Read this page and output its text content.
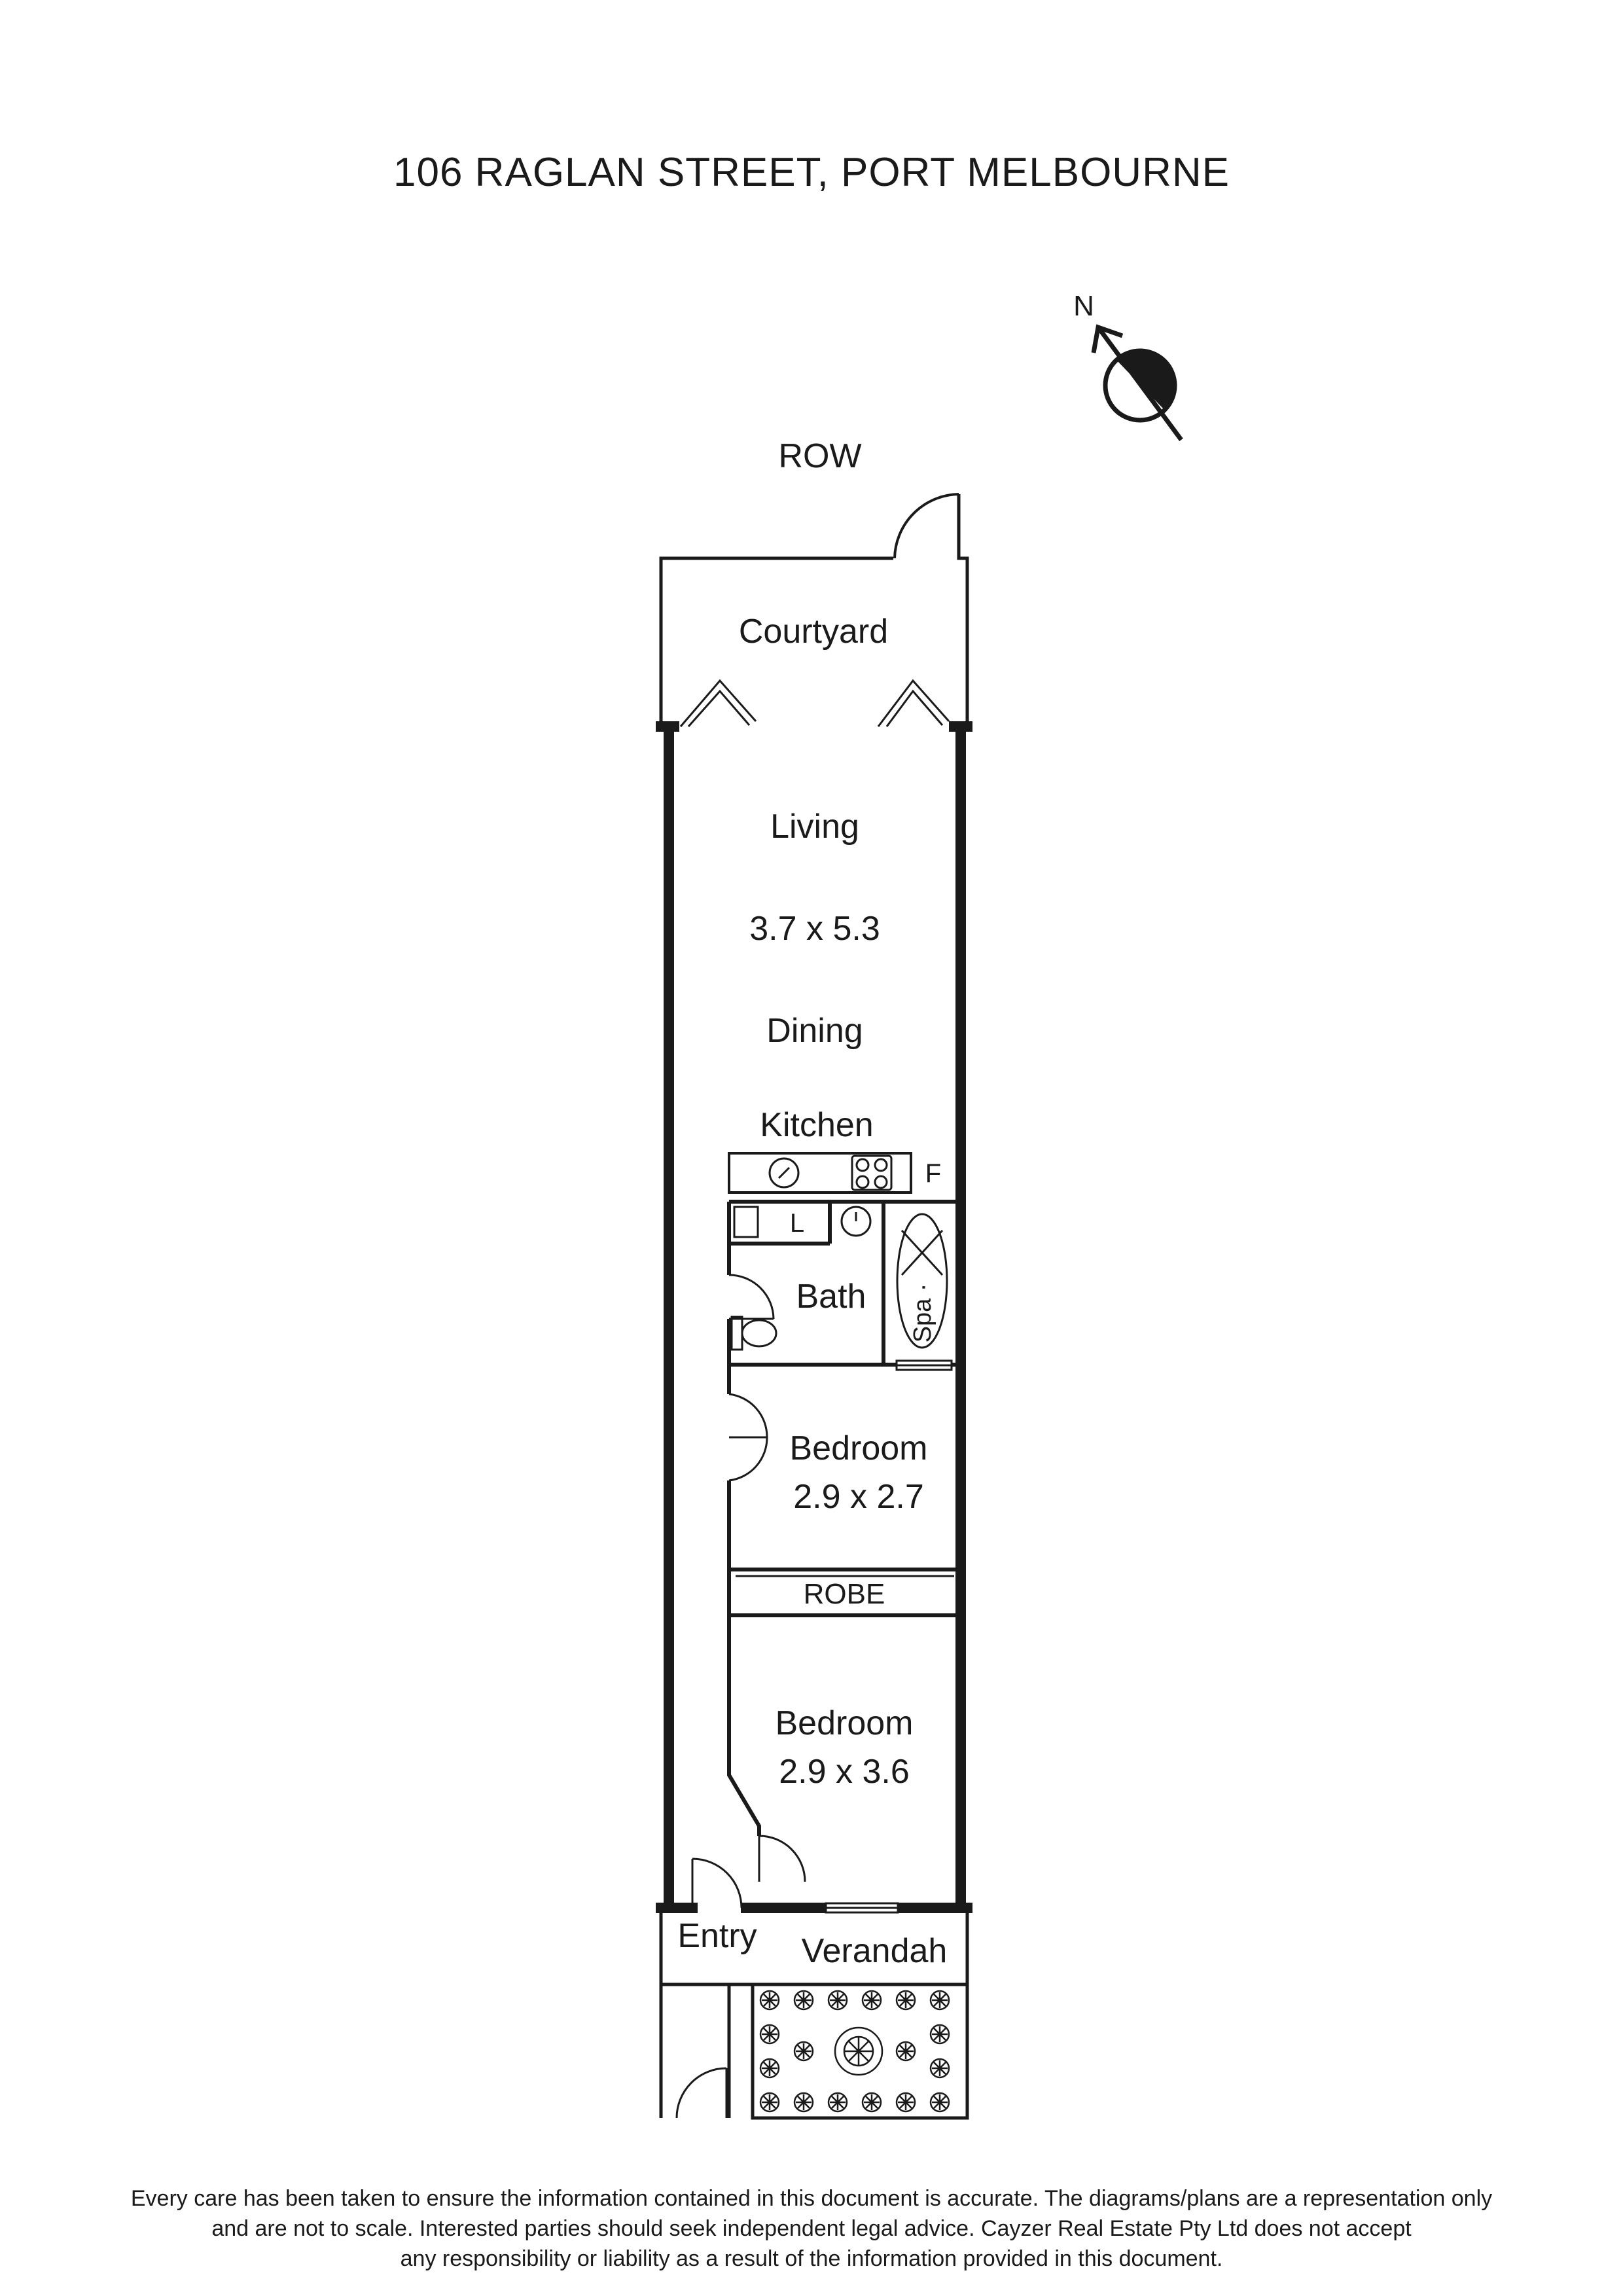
106 RAGLAN STREET, PORT MELBOURNE
N
ROW
Courtyard
Living
3.7 x 5.3
Dining
Kitchen
F
L
Bath Spa ·
Bedroom
2.9 x 2.7
ROBE
Bedroom
2.9 x 3.6
Entry Verandah
Every care has been taken to ensure the information contained in this document is accurate. The diagrams/plans are a representation only
and are not to scale. Interested parties should seek independent legal advice. Cayzer Real Estate Pty Ltd does not accept
any responsibility or liability as a result of the information provided in this document.
